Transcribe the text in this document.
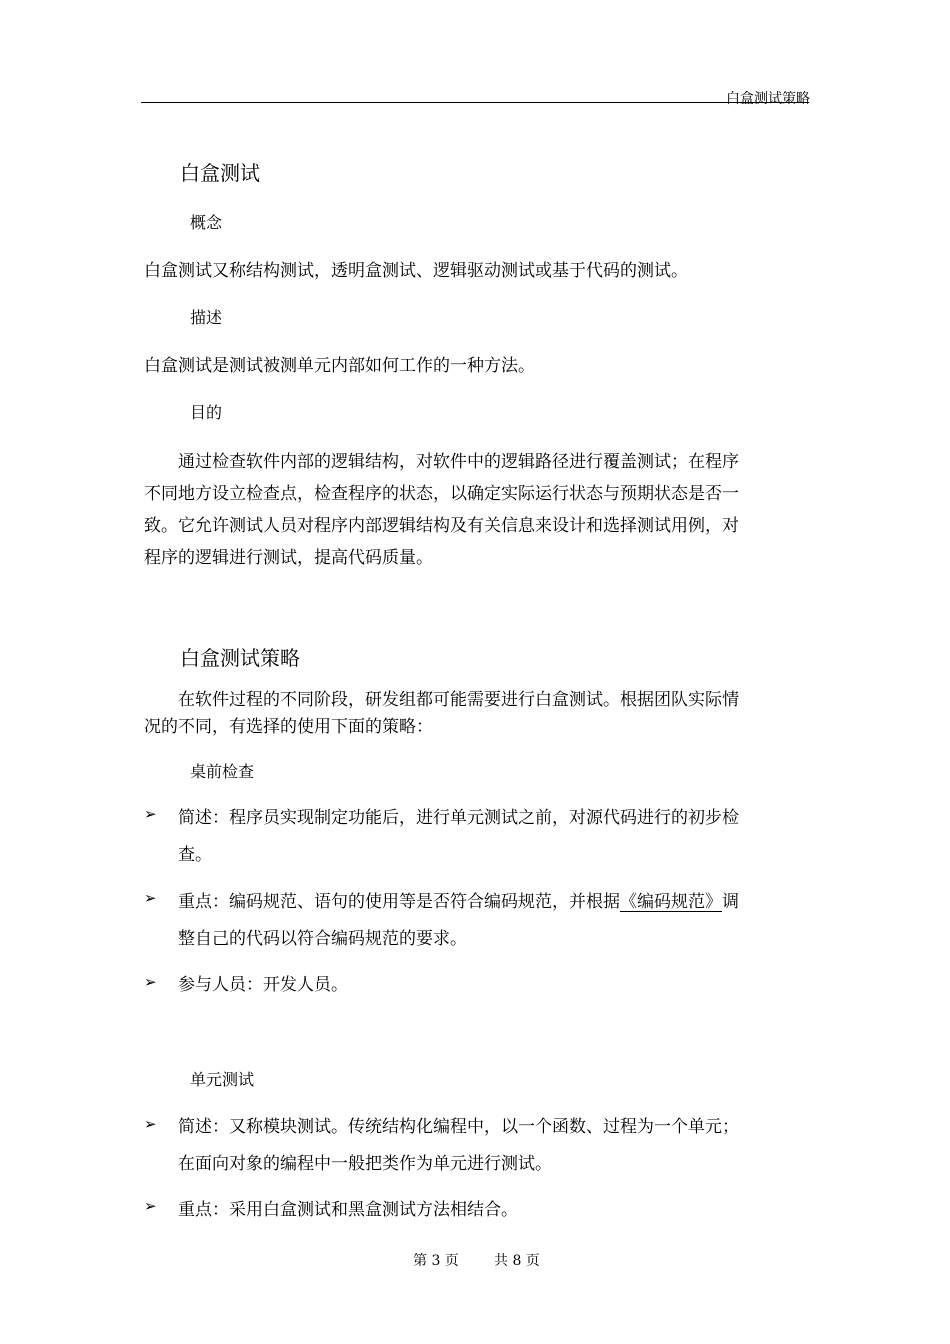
白盒测试策略
白盒测试
概念
白盒测试又称结构测试，透明盒测试、逻辑驱动测试或基于代码的测试。
描述
白盒测试是测试被测单元内部如何工作的一种方法。
目的
通过检查软件内部的逻辑结构，对软件中的逻辑路径进行覆盖测试；在程序
不同地方设立检查点，检查程序的状态，以确定实际运行状态与预期状态是否一
致。它允许测试人员对程序内部逻辑结构及有关信息来设计和选择测试用例，对
程序的逻辑进行测试，提高代码质量。
白盒测试策略
在软件过程的不同阶段，研发组都可能需要进行白盒测试。根据团队实际情
况的不同，有选择的使用下面的策略：
桌前检查
➢ 简述：程序员实现制定功能后，进行单元测试之前，对源代码进行的初步检
查。
➢ 重点：编码规范、语句的使用等是否符合编码规范，并根据《编码规范》调
整自己的代码以符合编码规范的要求。
➢ 参与人员：开发人员。
单元测试
➢ 简述：又称模块测试。传统结构化编程中，以一个函数、过程为一个单元；
在面向对象的编程中一般把类作为单元进行测试。
➢ 重点：采用白盒测试和黑盒测试方法相结合。
第 3 页	共 8 页
